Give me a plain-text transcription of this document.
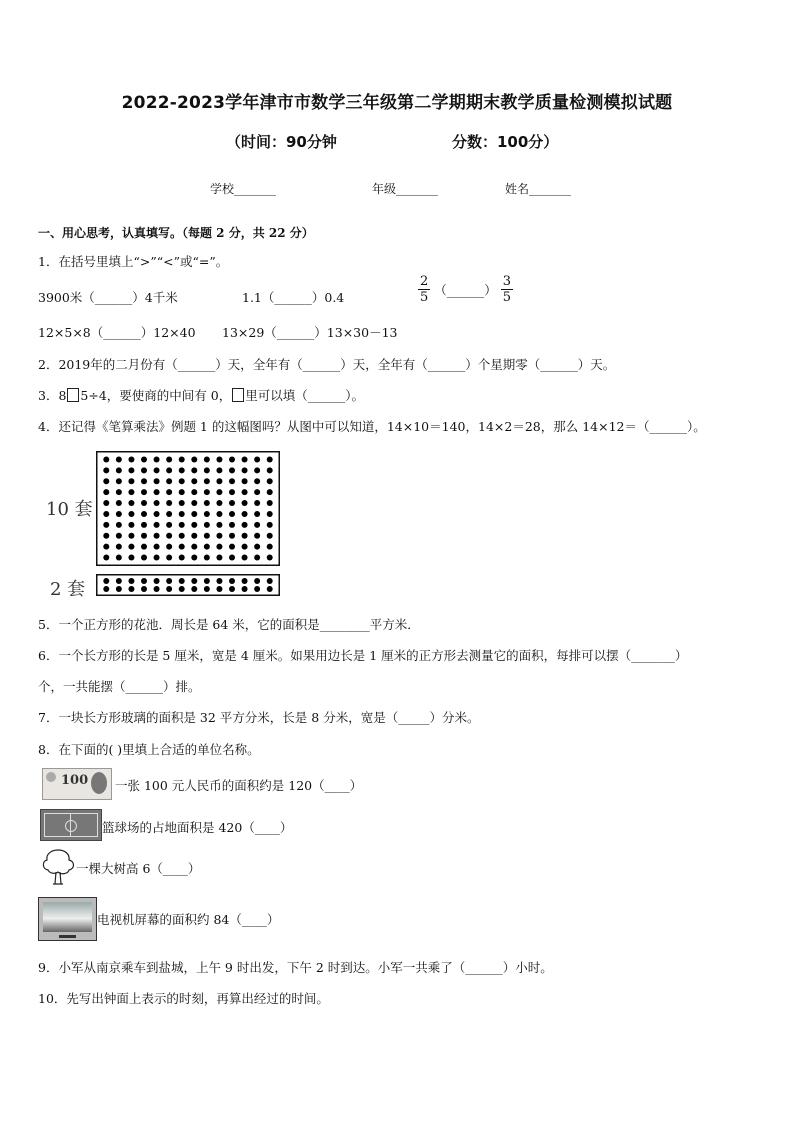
2022-2023学年津市市数学三年级第二学期期末教学质量检测模拟试题
（时间：90分钟	分数：100分）
学校_______	年级_______	姓名_______
一、用心思考，认真填写。（每题 2 分，共 22 分）
1．在括号里填上“>”“<”或“=”。
3900米（______）4千米	1.1（______）0.4	$\frac{2}{5}$ （______） $\frac{3}{5}$
12×5×8（______）12×40 13×29（______）13×30－13
2．2019年的二月份有（______）天，全年有（______）天，全年有（______）个星期零（______）天。
3．8 5÷4，要使商的中间有 0， 里可以填（______）。
4．还记得《笔算乘法》例题 1 的这幅图吗？从图中可以知道，14×10＝140，14×2＝28，那么 14×12＝（______）。
10 套
2 套
5．一个正方形的花池．周长是 64 米，它的面积是________平方米．
6．一个长方形的长是 5 厘米，宽是 4 厘米。如果用边长是 1 厘米的正方形去测量它的面积，每排可以摆（_______）
个，一共能摆（______）排。
7．一块长方形玻璃的面积是 32 平方分米，长是 8 分米，宽是（_____）分米。
8．在下面的( )里填上合适的单位名称。
100 一张 100 元人民币的面积约是 120（____）
篮球场的占地面积是 420（____）
一棵大树高 6（____）
电视机屏幕的面积约 84（____）
9．小军从南京乘车到盐城，上午 9 时出发，下午 2 时到达。小军一共乘了（______）小时。
10．先写出钟面上表示的时刻，再算出经过的时间。
